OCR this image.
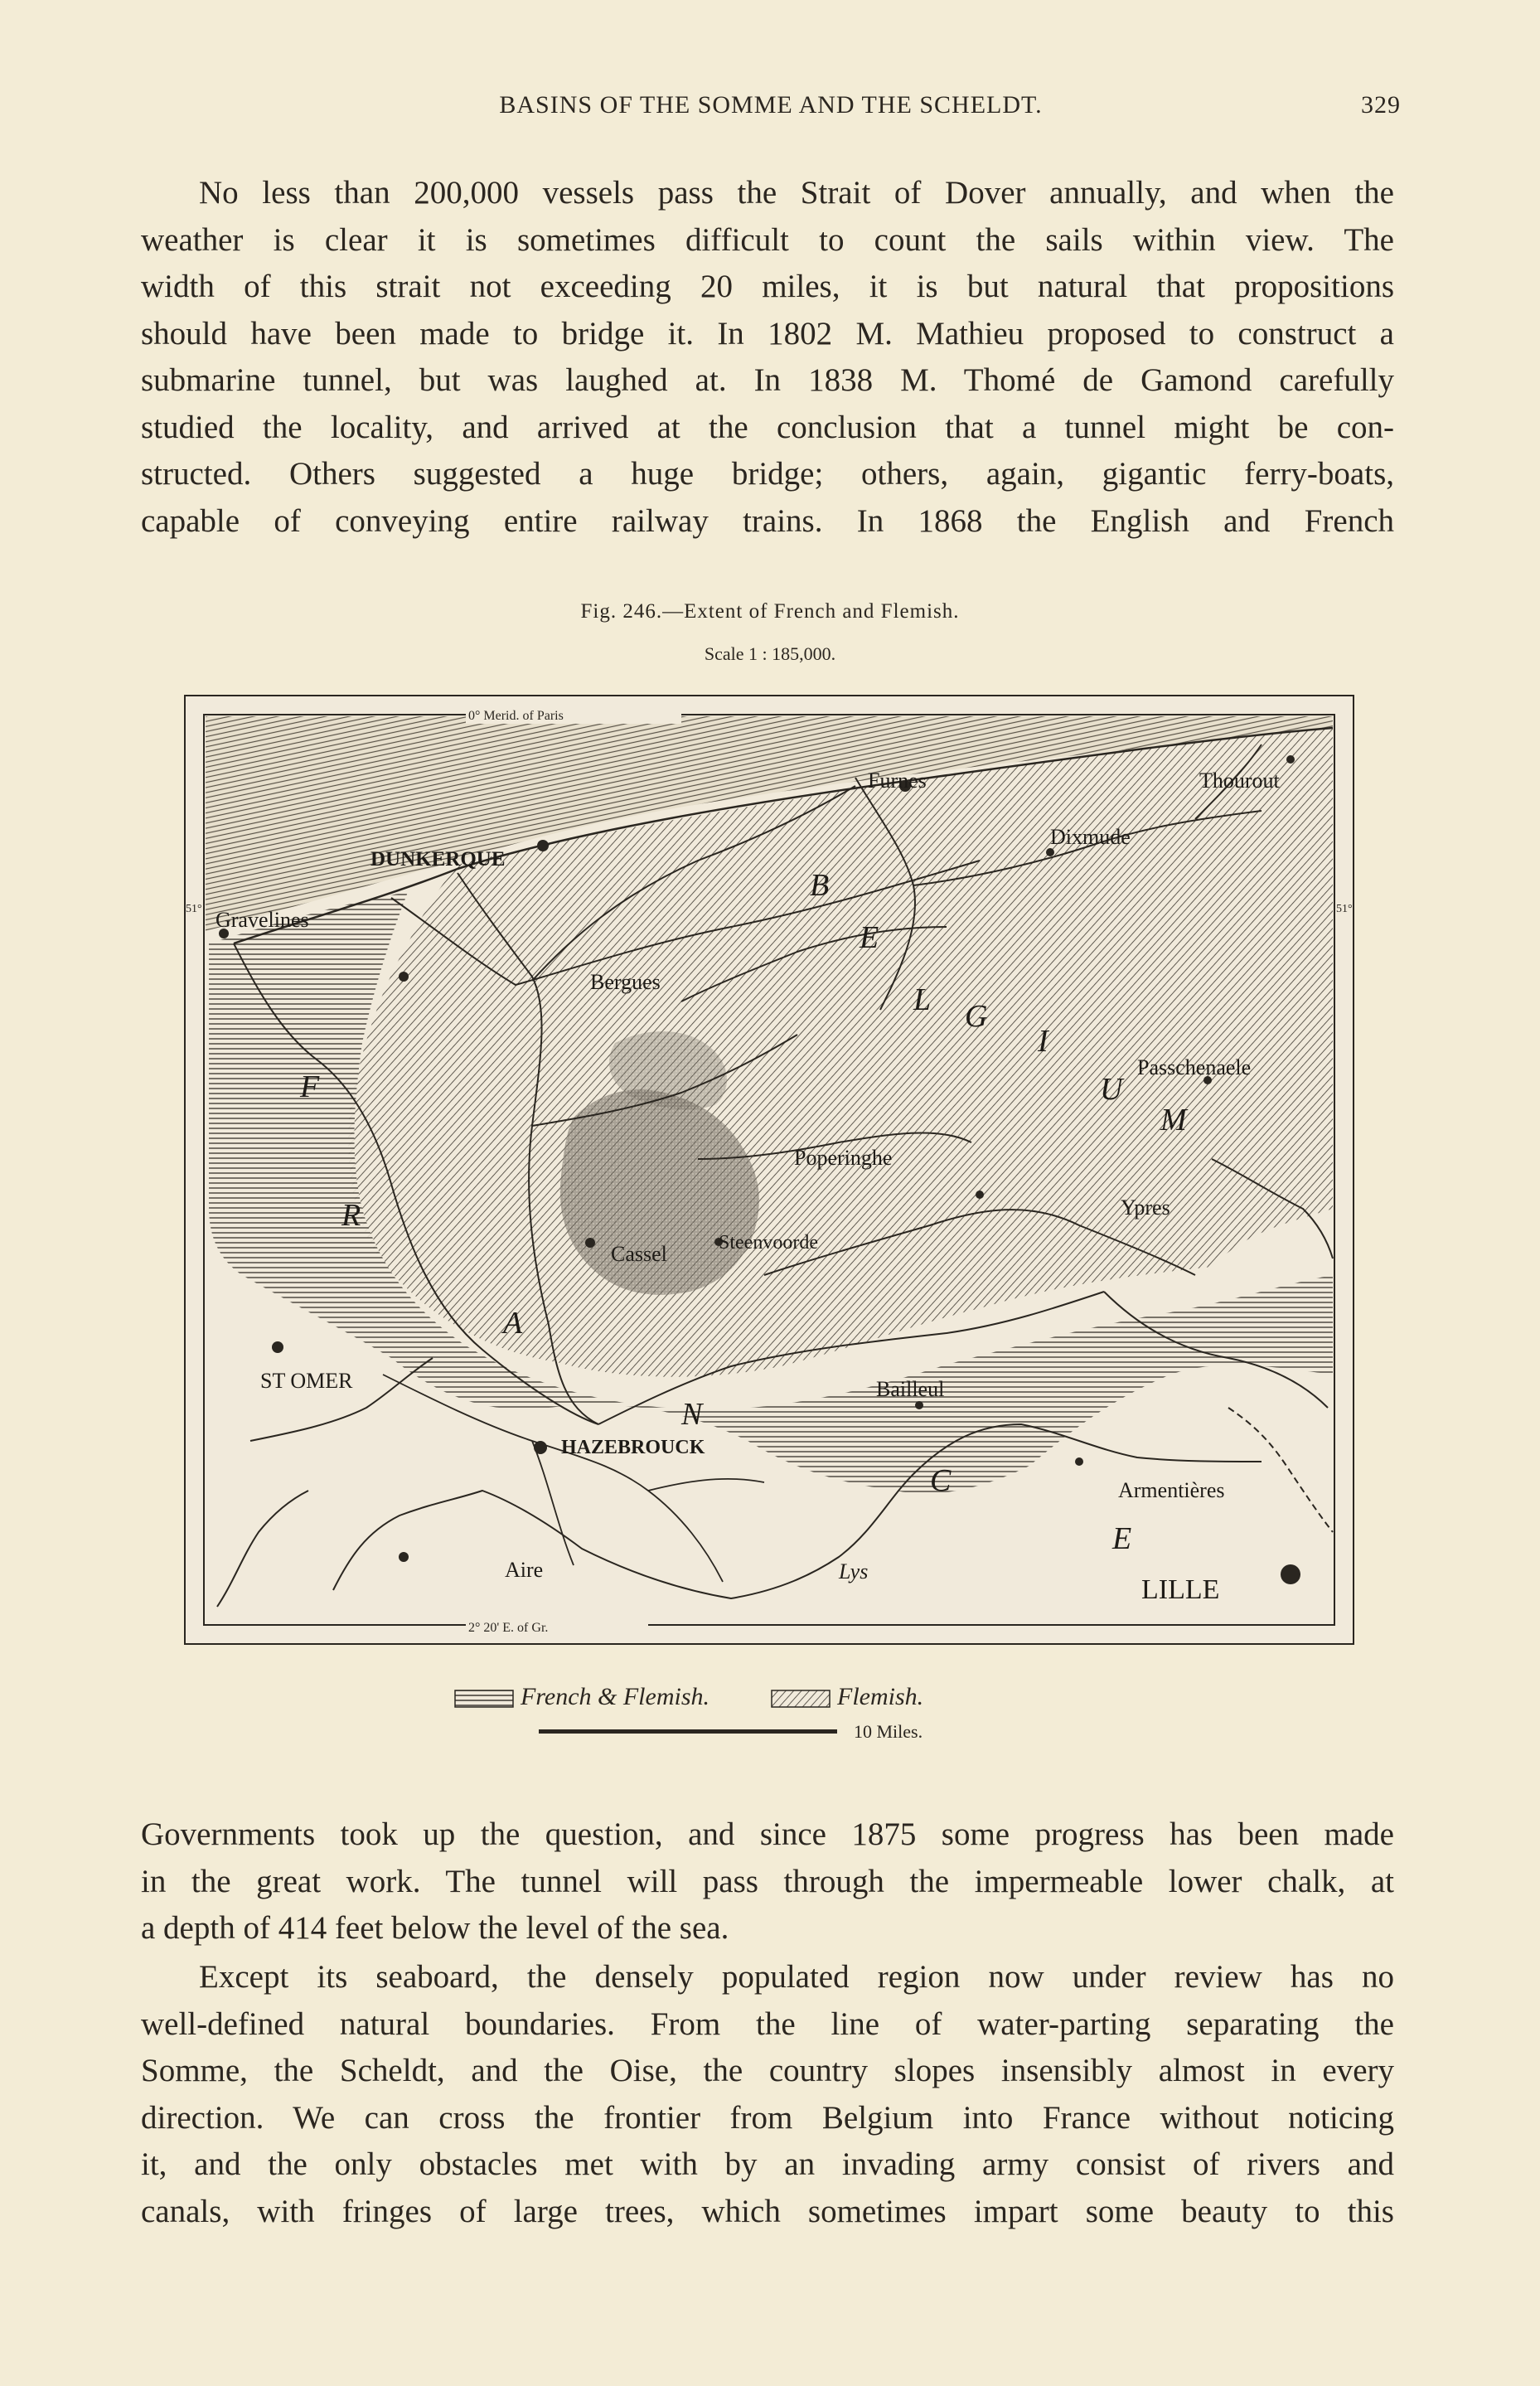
BASINS OF THE SOMME AND THE SCHELDT.	329
No less than 200,000 vessels pass the Strait of Dover annually, and when the
weather is clear it is sometimes difficult to count the sails within view. The
width of this strait not exceeding 20 miles, it is but natural that propositions
should have been made to bridge it. In 1802 M. Mathieu proposed to construct a
submarine tunnel, but was laughed at. In 1838 M. Thomé de Gamond carefully
studied the locality, and arrived at the conclusion that a tunnel might be con-
structed. Others suggested a huge bridge; others, again, gigantic ferry-boats,
capable of conveying entire railway trains. In 1868 the English and French
Fig. 246.—Extent of French and Flemish.
Scale 1 : 185,000.
0° Merid. of Paris
2° 20' E. of Gr.
51°	51°
Furnes	Thourout
Dixmude
DUNKERQUE
Gravelines
Bergues
Passchenaele
Poperinghe
Ypres
Cassel	Steenvoorde
ST OMER	Bailleul
HAZEBROUCK
Armentières
Aire	Lys
LILLE
B
E
L G
I
U
M
F
R
A
N
C
E
French & Flemish.	Flemish.
10 Miles.
Governments took up the question, and since 1875 some progress has been made
in the great work. The tunnel will pass through the impermeable lower chalk, at
a depth of 414 feet below the level of the sea.
Except its seaboard, the densely populated region now under review has no
well-defined natural boundaries. From the line of water-parting separating the
Somme, the Scheldt, and the Oise, the country slopes insensibly almost in every
direction. We can cross the frontier from Belgium into France without noticing
it, and the only obstacles met with by an invading army consist of rivers and
canals, with fringes of large trees, which sometimes impart some beauty to this
